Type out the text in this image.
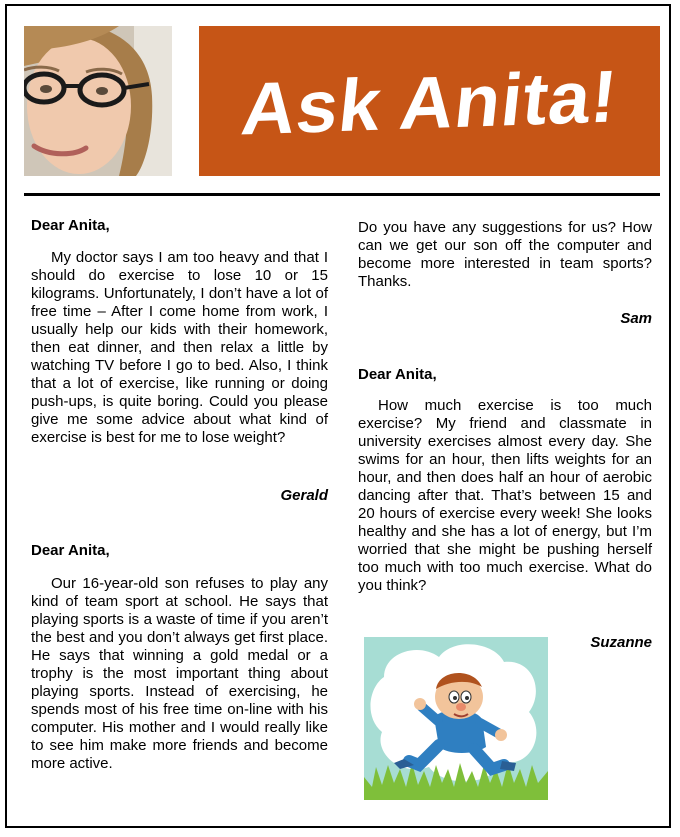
Ask Anita!
Dear Anita,

My doctor says I am too heavy and that I should do exercise to lose 10 or 15 kilograms. Unfortunately, I don’t have a lot of free time – After I come home from work, I usually help our kids with their homework, then eat dinner, and then relax a little by watching TV before I go to bed. Also, I think that a lot of exercise, like running or doing push-ups, is quite boring. Could you please give me some advice about what kind of exercise is best for me to lose weight?

Gerald
Dear Anita,

Our 16-year-old son refuses to play any kind of team sport at school. He says that playing sports is a waste of time if you aren’t the best and you don’t always get first place. He says that winning a gold medal or a trophy is the most important thing about playing sports. Instead of exercising, he spends most of his free time on-line with his computer. His mother and I would really like to see him make more friends and become more active.

Do you have any suggestions for us? How can we get our son off the computer and become more interested in team sports? Thanks.

Sam
Dear Anita,

How much exercise is too much exercise? My friend and classmate in university exercises almost every day. She swims for an hour, then lifts weights for an hour, and then does half an hour of aerobic dancing after that. That’s between 15 and 20 hours of exercise every week! She looks healthy and she has a lot of energy, but I’m worried that she might be pushing herself too much with too much exercise. What do you think?

Suzanne
